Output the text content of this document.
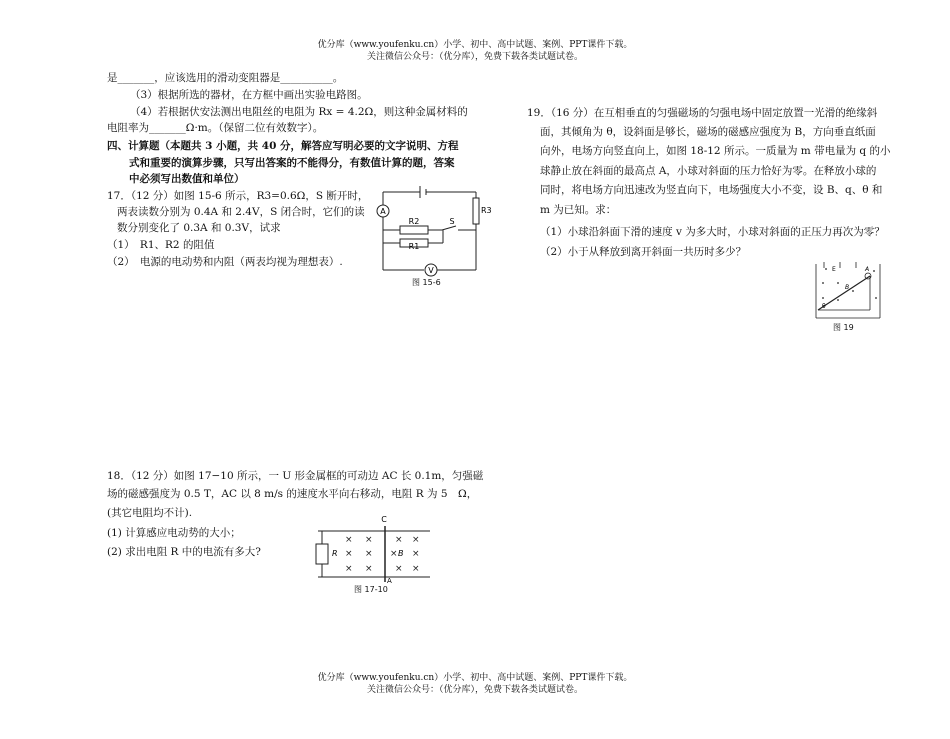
优分库（www.youfenku.cn）小学、初中、高中试题、案例、PPT课件下载。
关注微信公众号：（优分库），免费下载各类试题试卷。
是_______，应该选用的滑动变阻器是__________。
（3）根据所选的器材，在方框中画出实验电路图。
（4）若根据伏安法测出电阻丝的电阻为 Rx = 4.2Ω，则这种金属材料的
电阻率为_______Ω·m。（保留二位有效数字）。
四、计算题（本题共 3 小题，共 40 分，解答应写明必要的文字说明、方程
式和重要的演算步骤，只写出答案的不能得分，有数值计算的题，答案
中必须写出数值和单位）
17．（12 分）如图 15-6 所示，R3=0.6Ω，S 断开时，
两表读数分别为 0.4A 和 2.4V，S 闭合时，它们的读
数分别变化了 0.3A 和 0.3V，试求
（1）　R1、R2 的阻值
（2）　电源的电动势和内阻（两表均视为理想表）.
A
R2	S
R1
R3
V
图 15-6
18．（12 分）如图 17−10 所示，一 U 形金属框的可动边 AC 长 0.1m，匀强磁
场的磁感强度为 0.5 T，AC 以 8 m/s 的速度水平向右移动，电阻 R 为 5　Ω，
(其它电阻均不计).
(1) 计算感应电动势的大小；
(2) 求出电阻 R 中的电流有多大?
× × × ×
× × × ×
× × × ×
C
R	B
A
图 17-10
19．（16 分）在互相垂直的匀强磁场的匀强电场中固定放置一光滑的绝缘斜
面，其倾角为 θ，设斜面是够长，磁场的磁感应强度为 B，方向垂直纸面
向外，电场方向竖直向上，如图 18-12 所示。一质量为 m 带电量为 q 的小
球静止放在斜面的最高点 A，小球对斜面的压力恰好为零。在释放小球的
同时，将电场方向迅速改为竖直向下，电场强度大小不变，设 B、q、θ 和
m 为已知。求：
（1）小球沿斜面下滑的速度 v 为多大时，小球对斜面的正压力再次为零？
（2）小于从释放到离开斜面一共历时多少？
E
B
A
θ
图 19
优分库（www.youfenku.cn）小学、初中、高中试题、案例、PPT课件下载。
关注微信公众号：（优分库），免费下载各类试题试卷。
